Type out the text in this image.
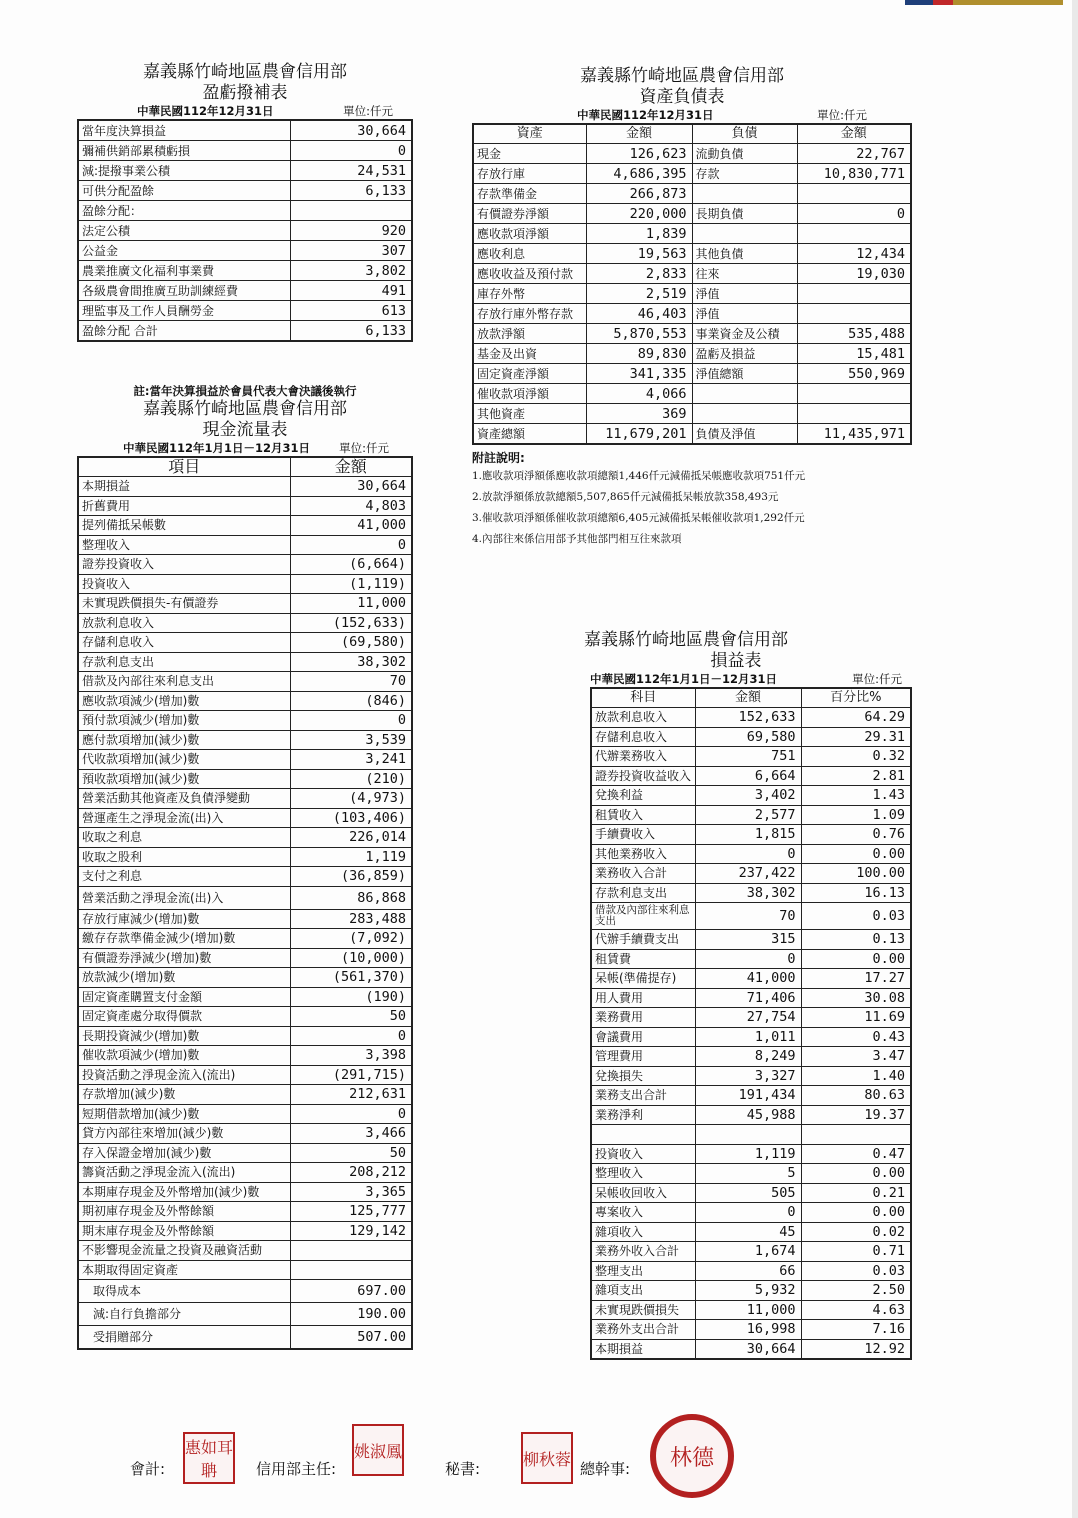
嘉義縣竹崎地區農會信用部
盈虧撥補表
中華民國112年12月31日	單位:仟元
當年度決算損益	30,664
彌補供銷部累積虧損	0
減:提撥事業公積	24,531
可供分配盈餘	6,133
盈餘分配：	
法定公積	920
公益金	307
農業推廣文化福利事業費	3,802
各級農會間推廣互助訓練經費	491
理監事及工作人員酬勞金	613
盈餘分配 合計	6,133
嘉義縣竹崎地區農會信用部
資產負債表
中華民國112年12月31日	單位:仟元
資產	金額	負債	金額
現金	126,623	流動負債	22,767
存放行庫	4,686,395	存款	10,830,771
存款準備金	266,873		
有價證券淨額	220,000	長期負債	0
應收款項淨額	1,839		
應收利息	19,563	其他負債	12,434
應收收益及預付款	2,833	往來	19,030
庫存外幣	2,519	淨值	
存放行庫外幣存款	46,403	淨值	
放款淨額	5,870,553	事業資金及公積	535,488
基金及出資	89,830	盈虧及損益	15,481
固定資產淨額	341,335	淨值總額	550,969
催收款項淨額	4,066		
其他資產	369		
資產總額	11,679,201	負債及淨值	11,435,971
附註說明:
1.應收款項淨額係應收款項總額1,446仟元減備抵呆帳應收款項751仟元
2.放款淨額係放款總額5,507,865仟元減備抵呆帳放款358,493元
3.催收款項淨額係催收款項總額6,405元減備抵呆帳催收款項1,292仟元
4.內部往來係信用部予其他部門相互往來款項
註:當年決算損益於會員代表大會決議後執行
嘉義縣竹崎地區農會信用部
現金流量表
中華民國112年1月1日－12月31日	單位:仟元
項目	金額
本期損益	30,664
折舊費用	4,803
提列備抵呆帳數	41,000
整理收入	0
證券投資收入	(6,664)
投資收入	(1,119)
未實現跌價損失-有價證券	11,000
放款利息收入	(152,633)
存儲利息收入	(69,580)
存款利息支出	38,302
借款及內部往來利息支出	70
應收款項減少(增加)數	(846)
預付款項減少(增加)數	0
應付款項增加(減少)數	3,539
代收款項增加(減少)數	3,241
預收款項增加(減少)數	(210)
營業活動其他資產及負債淨變動	(4,973)
營運產生之淨現金流(出)入	(103,406)
收取之利息	226,014
收取之股利	1,119
支付之利息	(36,859)
營業活動之淨現金流(出)入	86,868
存放行庫減少(增加)數	283,488
繳存存款準備金減少(增加)數	(7,092)
有價證券淨減少(增加)數	(10,000)
放款減少(增加)數	(561,370)
固定資產購置支付金額	(190)
固定資產處分取得價款	50
長期投資減少(增加)數	0
催收款項減少(增加)數	3,398
投資活動之淨現金流入(流出)	(291,715)
存款增加(減少)數	212,631
短期借款增加(減少)數	0
貸方內部往來增加(減少)數	3,466
存入保證金增加(減少)數	50
籌資活動之淨現金流入(流出)	208,212
本期庫存現金及外幣增加(減少)數	3,365
期初庫存現金及外幣餘額	125,777
期末庫存現金及外幣餘額	129,142
不影響現金流量之投資及融資活動	
本期取得固定資產	
取得成本	697.00
減:自行負擔部分	190.00
受捐贈部分	507.00
嘉義縣竹崎地區農會信用部
損益表
中華民國112年1月1日－12月31日	單位:仟元
科目	金額	百分比%
放款利息收入	152,633	64.29
存儲利息收入	69,580	29.31
代辦業務收入	751	0.32
證券投資收益收入	6,664	2.81
兌換利益	3,402	1.43
租賃收入	2,577	1.09
手續費收入	1,815	0.76
其他業務收入	0	0.00
業務收入合計	237,422	100.00
存款利息支出	38,302	16.13
借款及內部往來利息支出	70	0.03
代辦手續費支出	315	0.13
租賃費	0	0.00
呆帳(準備提存)	41,000	17.27
用人費用	71,406	30.08
業務費用	27,754	11.69
會議費用	1,011	0.43
管理費用	8,249	3.47
兌換損失	3,327	1.40
業務支出合計	191,434	80.63
業務淨利	45,988	19.37

投資收入	1,119	0.47
整理收入	5	0.00
呆帳收回收入	505	0.21
專案收入	0	0.00
雜項收入	45	0.02
業務外收入合計	1,674	0.71
整理支出	66	0.03
雜項支出	5,932	2.50
未實現跌價損失	11,000	4.63
業務外支出合計	16,998	7.16
本期損益	30,664	12.92
會計:
惠如耳聃	信用部主任:
姚淑鳳
秘書:
柳秋蓉
總幹事:	林德
